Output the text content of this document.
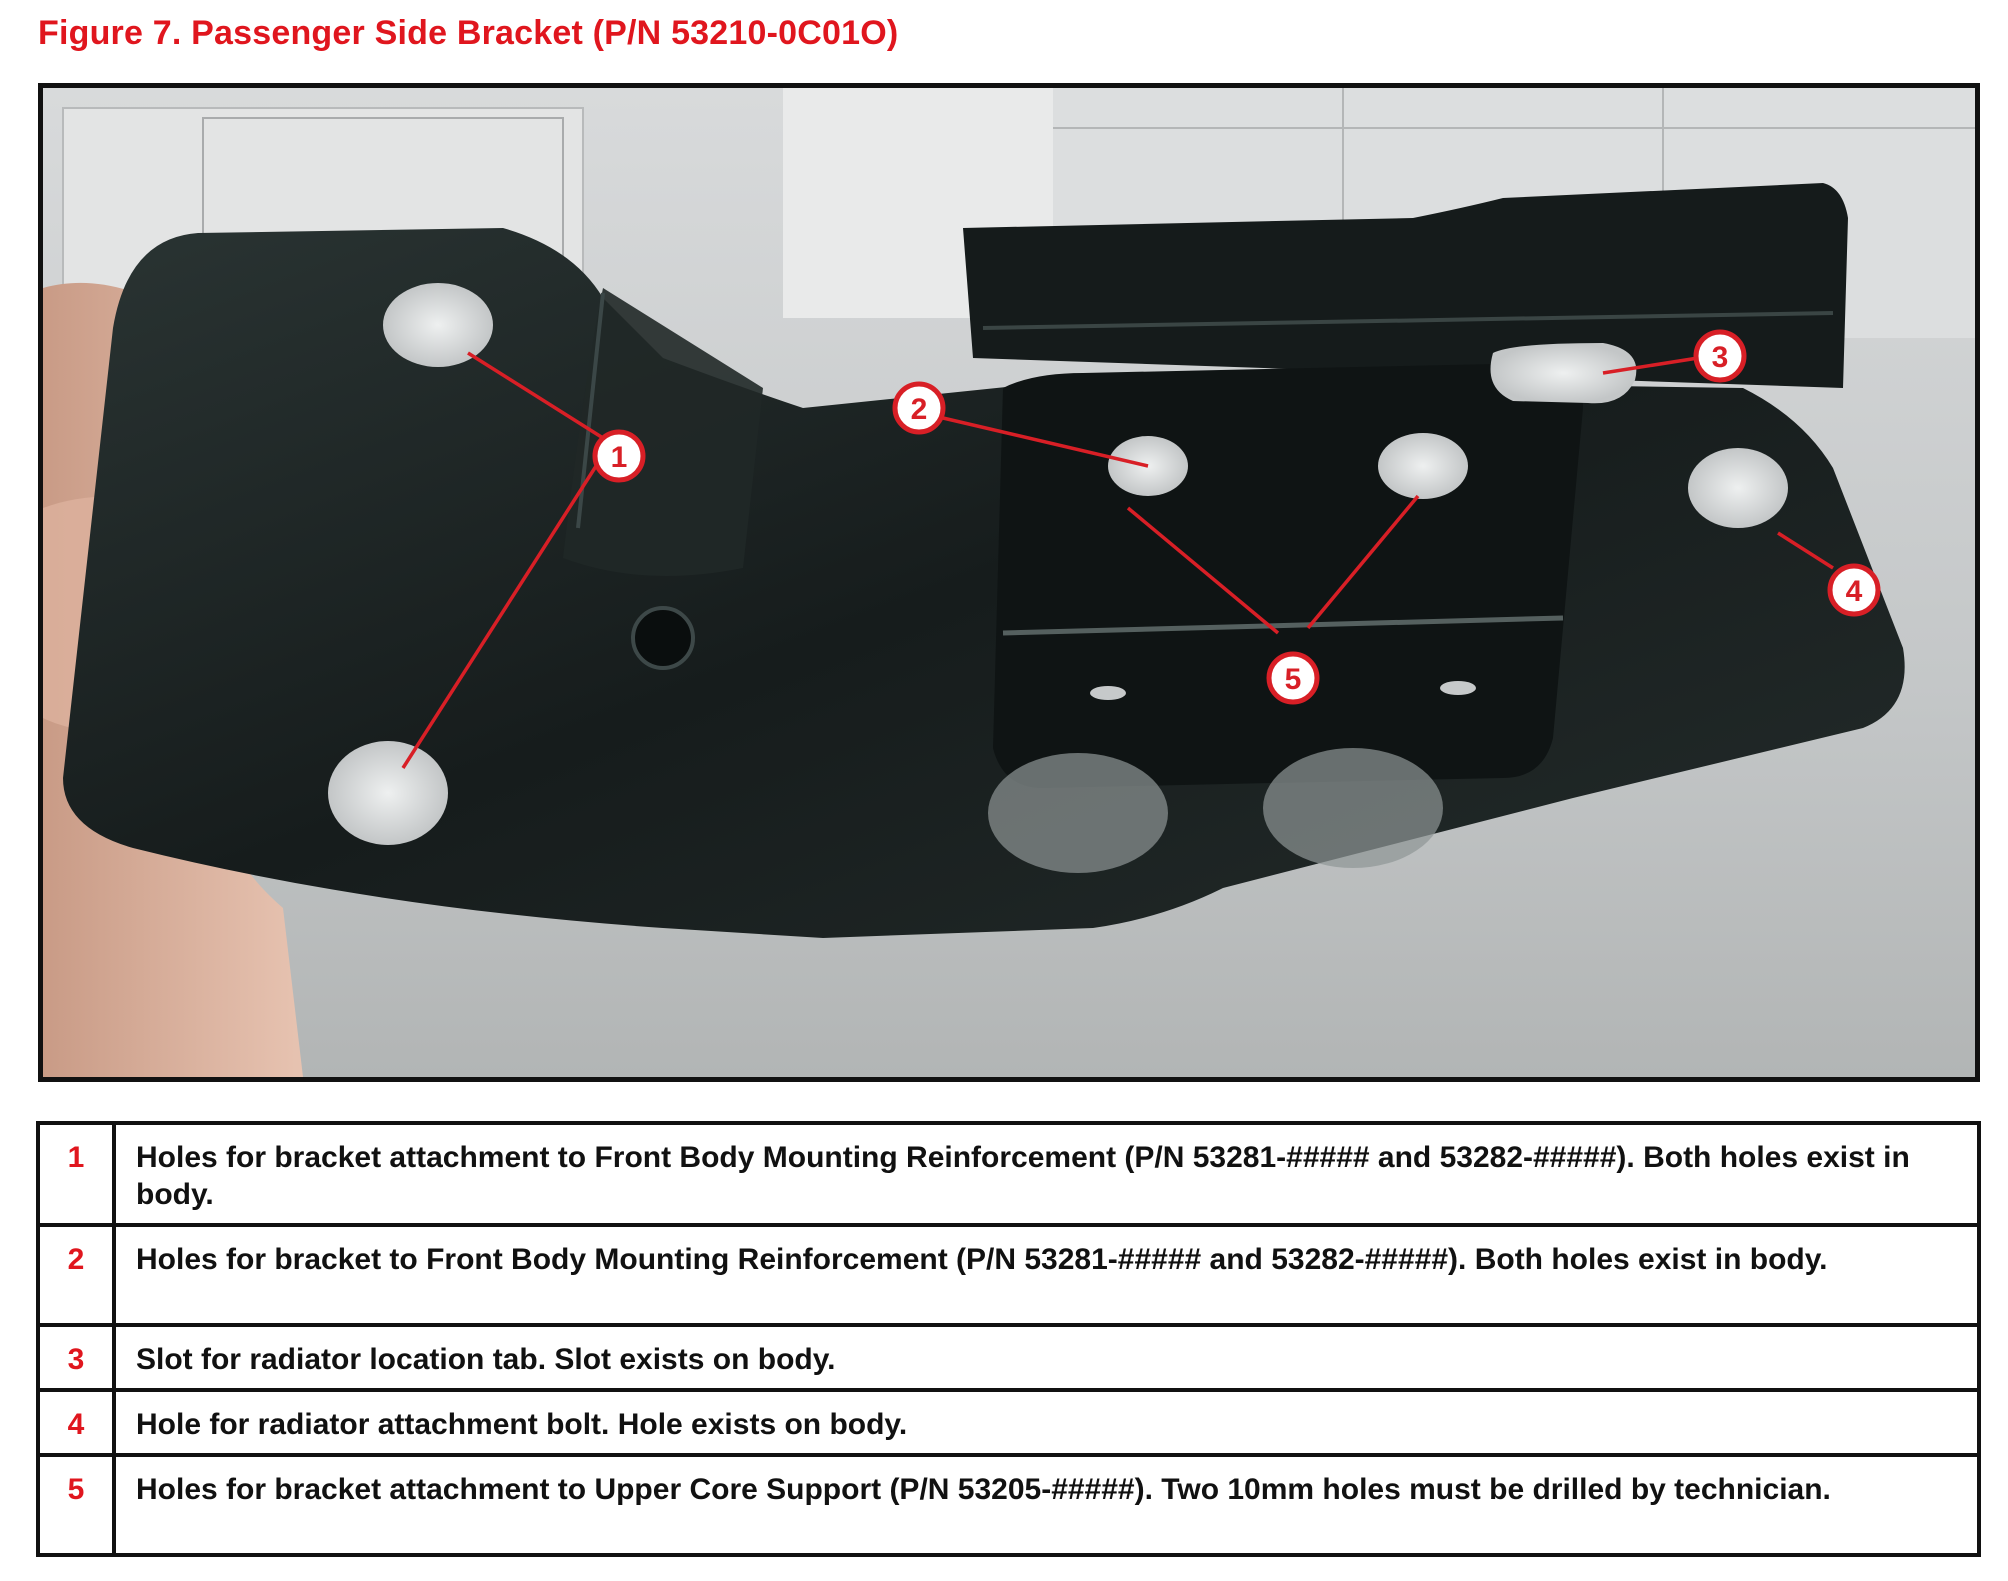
Figure 7. Passenger Side Bracket (P/N 53210-0C01O)
1
2
3
4
5
1	Holes for bracket attachment to Front Body Mounting Reinforcement (P/N 53281-##### and 53282-#####). Both holes exist in body.
2	Holes for bracket to Front Body Mounting Reinforcement (P/N 53281-##### and 53282-#####). Both holes exist in body.
3	Slot for radiator location tab. Slot exists on body.
4	Hole for radiator attachment bolt. Hole exists on body.
5	Holes for bracket attachment to Upper Core Support (P/N 53205-#####). Two 10mm holes must be drilled by technician.
